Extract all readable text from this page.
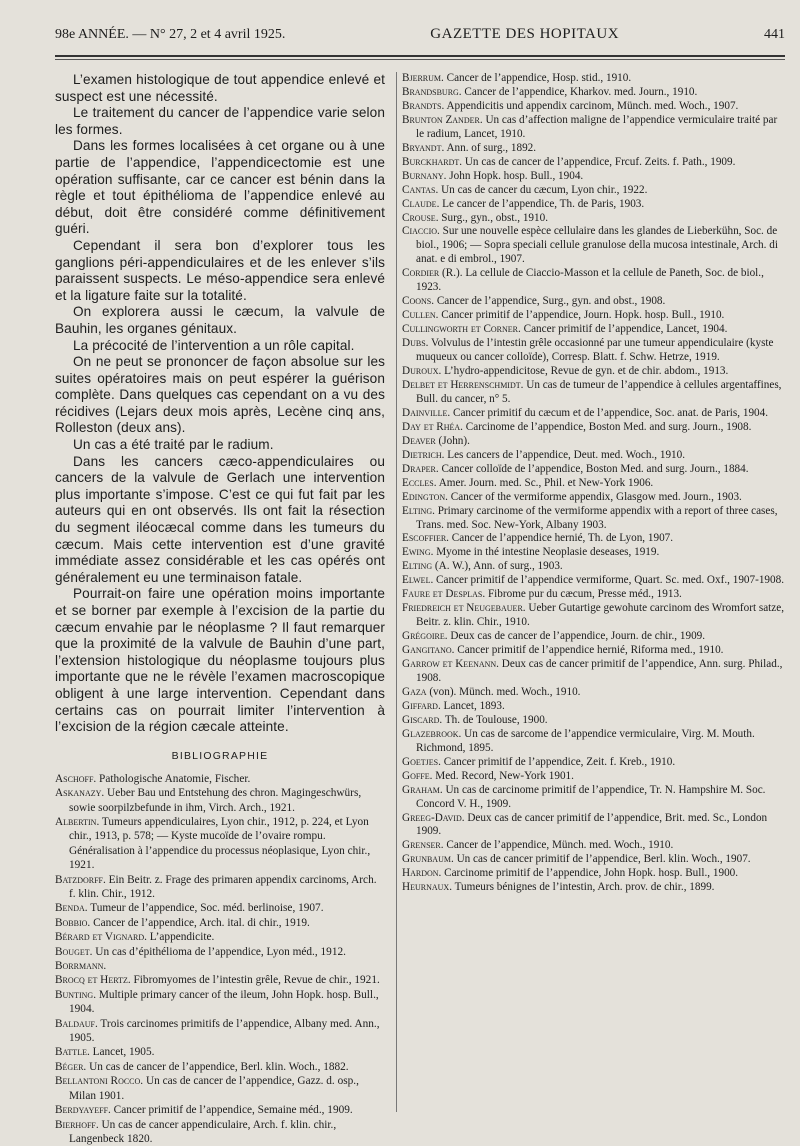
98e ANNÉE. — N° 27, 2 et 4 avril 1925.	GAZETTE DES HOPITAUX	441

L’examen histologique de tout appendice enlevé et suspect est une nécessité.

Le traitement du cancer de l’appendice varie selon les formes.

Dans les formes localisées à cet organe ou à une partie de l’appendice, l’appendicectomie est une opération suffisante, car ce cancer est bénin dans la règle et tout épithélioma de l’appendice enlevé au début, doit être considéré comme définitivement guéri.

Cependant il sera bon d’explorer tous les ganglions péri-appendiculaires et de les enlever s’ils paraissent suspects. Le méso-appendice sera enlevé et la ligature faite sur la totalité.

On explorera aussi le cæcum, la valvule de Bauhin, les organes génitaux.

La précocité de l’intervention a un rôle capital.

On ne peut se prononcer de façon absolue sur les suites opératoires mais on peut espérer la guérison complète. Dans quelques cas cependant on a vu des récidives (Lejars deux mois après, Lecène cinq ans, Rolleston (deux ans).

Un cas a été traité par le radium.

Dans les cancers cæco-appendiculaires ou cancers de la valvule de Gerlach une intervention plus importante s’impose. C’est ce qui fut fait par les auteurs qui en ont observés. Ils ont fait la résection du segment iléocæcal comme dans les tumeurs du cæcum. Mais cette intervention est d’une gravité immédiate assez considérable et les cas opérés ont généralement eu une terminaison fatale.

Pourrait-on faire une opération moins importante et se borner par exemple à l’excision de la partie du cæcum envahie par le néoplasme ? Il faut remarquer que la proximité de la valvule de Bauhin d’une part, l’extension histologique du néoplasme toujours plus importante que ne le révèle l’examen macroscopique obligent à une large intervention. Cependant dans certains cas on pourrait limiter l’intervention à l’excision de la région cæcale atteinte.

BIBLIOGRAPHIE
Aschoff. Pathologische Anatomie, Fischer.
Askanazy. Ueber Bau und Entstehung des chron. Magingeschwürs, sowie soorpilzbefunde in ihm, Virch. Arch., 1921.
Albertin. Tumeurs appendiculaires, Lyon chir., 1912, p. 224, et Lyon chir., 1913, p. 578; — Kyste mucoïde de l’ovaire rompu. Généralisation à l’appendice du processus néoplasique, Lyon chir., 1921.
Batzdorff. Ein Beitr. z. Frage des primaren appendix carcinoms, Arch. f. klin. Chir., 1912.
Benda. Tumeur de l’appendice, Soc. méd. berlinoise, 1907.
Bobbio. Cancer de l’appendice, Arch. ital. di chir., 1919.
Bérard et Vignard. L’appendicite.
Bouget. Un cas d’épithélioma de l’appendice, Lyon méd., 1912.
Borrmann.
Brocq et Hertz. Fibromyomes de l’intestin grêle, Revue de chir., 1921.
Bunting. Multiple primary cancer of the ileum, John Hopk. hosp. Bull., 1904.
Baldauf. Trois carcinomes primitifs de l’appendice, Albany med. Ann., 1905.
Battle. Lancet, 1905.
Béger. Un cas de cancer de l’appendice, Berl. klin. Woch., 1882.
Bellantoni Rocco. Un cas de cancer de l’appendice, Gazz. d. osp., Milan 1901.
Berdyayeff. Cancer primitif de l’appendice, Semaine méd., 1909.
Bierhoff. Un cas de cancer appendiculaire, Arch. f. klin. chir., Langenbeck 1820.
Bjerrum. Cancer de l’appendice, Hosp. stid., 1910.
Brandsburg. Cancer de l’appendice, Kharkov. med. Journ., 1910.
Brandts. Appendicitis und appendix carcinom, Münch. med. Woch., 1907.
Brunton Zander. Un cas d’affection maligne de l’appendice vermiculaire traité par le radium, Lancet, 1910.
Bryandt. Ann. of surg., 1892.
Burckhardt. Un cas de cancer de l’appendice, Frcuf. Zeits. f. Path., 1909.
Burnany. John Hopk. hosp. Bull., 1904.
Cantas. Un cas de cancer du cæcum, Lyon chir., 1922.
Claude. Le cancer de l’appendice, Th. de Paris, 1903.
Crouse. Surg., gyn., obst., 1910.
Ciaccio. Sur une nouvelle espèce cellulaire dans les glandes de Lieberkühn, Soc. de biol., 1906; — Sopra speciali cellule granulose della mucosa intestinale, Arch. di anat. e di embrol., 1907.
Cordier (R.). La cellule de Ciaccio-Masson et la cellule de Paneth, Soc. de biol., 1923.
Coons. Cancer de l’appendice, Surg., gyn. and obst., 1908.
Cullen. Cancer primitif de l’appendice, Journ. Hopk. hosp. Bull., 1910.
Cullingworth et Corner. Cancer primitif de l’appendice, Lancet, 1904.
Dubs. Volvulus de l’intestin grêle occasionné par une tumeur appendiculaire (kyste muqueux ou cancer colloïde), Corresp. Blatt. f. Schw. Hetrze, 1919.
Duroux. L’hydro-appendicitose, Revue de gyn. et de chir. abdom., 1913.
Delbet et Herrenschmidt. Un cas de tumeur de l’appendice à cellules argentaffines, Bull. du cancer, n° 5.
Dainville. Cancer primitif du cæcum et de l’appendice, Soc. anat. de Paris, 1904.
Day et Rhéa. Carcinome de l’appendice, Boston Med. and surg. Journ., 1908.
Deaver (John).
Dietrich. Les cancers de l’appendice, Deut. med. Woch., 1910.
Draper. Cancer colloïde de l’appendice, Boston Med. and surg. Journ., 1884.
Eccles. Amer. Journ. med. Sc., Phil. et New-York 1906.
Edington. Cancer of the vermiforme appendix, Glasgow med. Journ., 1903.
Elting. Primary carcinome of the vermiforme appendix with a report of three cases, Trans. med. Soc. New-York, Albany 1903.
Escoffier. Cancer de l’appendice hernié, Th. de Lyon, 1907.
Ewing. Myome in thé intestine Neoplasie deseases, 1919.
Elting (A. W.), Ann. of surg., 1903.
Elwel. Cancer primitif de l’appendice vermiforme, Quart. Sc. med. Oxf., 1907-1908.
Faure et Desplas. Fibrome pur du cæcum, Presse méd., 1913.
Friedreich et Neugebauer. Ueber Gutartige gewohute carcinom des Wromfort satze, Beitr. z. klin. Chir., 1910.
Grégoire. Deux cas de cancer de l’appendice, Journ. de chir., 1909.
Gangitano. Cancer primitif de l’appendice hernié, Riforma med., 1910.
Garrow et Keenann. Deux cas de cancer primitif de l’appendice, Ann. surg. Philad., 1908.
Gaza (von). Münch. med. Woch., 1910.
Giffard. Lancet, 1893.
Giscard. Th. de Toulouse, 1900.
Glazebrook. Un cas de sarcome de l’appendice vermiculaire, Virg. M. Mouth. Richmond, 1895.
Goetjes. Cancer primitif de l’appendice, Zeit. f. Kreb., 1910.
Goffe. Med. Record, New-York 1901.
Graham. Un cas de carcinome primitif de l’appendice, Tr. N. Hampshire M. Soc. Concord V. H., 1909.
Greeg-David. Deux cas de cancer primitif de l’appendice, Brit. med. Sc., London 1909.
Grenser. Cancer de l’appendice, Münch. med. Woch., 1910.
Grunbaum. Un cas de cancer primitif de l’appendice, Berl. klin. Woch., 1907.
Hardon. Carcinome primitif de l’appendice, John Hopk. hosp. Bull., 1900.
Heurnaux. Tumeurs bénignes de l’intestin, Arch. prov. de chir., 1899.
